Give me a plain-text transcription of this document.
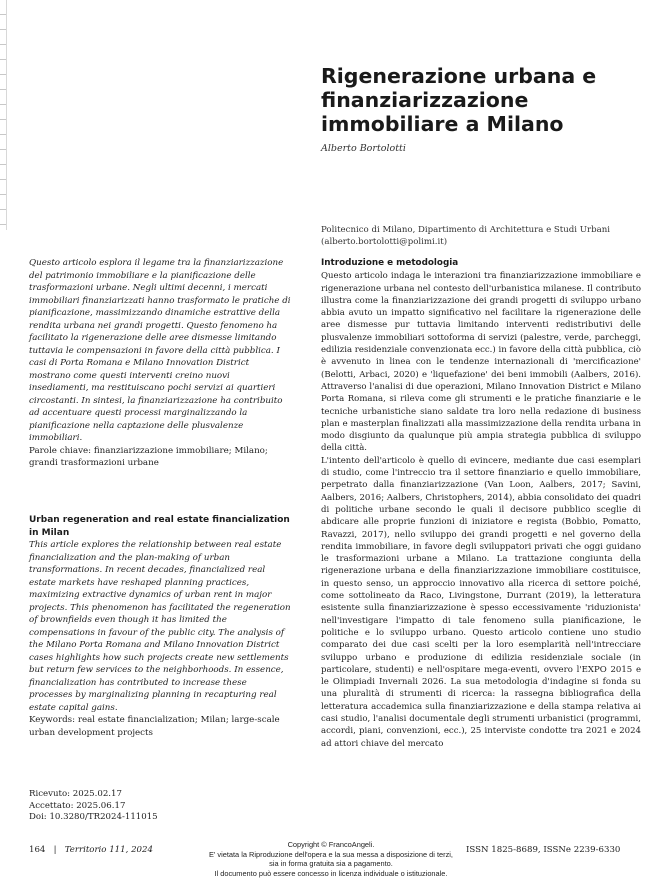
Rigenerazione urbana e finanziarizzazione immobiliare a Milano

Alberto Bortolotti

Politecnico di Milano, Dipartimento di Architettura e Studi Urbani
(alberto.bortolotti@polimi.it)

Questo articolo esplora il legame tra la finanziarizzazione del patrimonio immobiliare e la pianificazione delle trasformazioni urbane. Negli ultimi decenni, i mercati immobiliari finanziarizzati hanno trasformato le pratiche di pianificazione, massimizzando dinamiche estrattive della rendita urbana nei grandi progetti. Questo fenomeno ha facilitato la rigenerazione delle aree dismesse limitando tuttavia le compensazioni in favore della città pubblica. I casi di Porta Romana e Milano Innovation District mostrano come questi interventi creino nuovi insediamenti, ma restituiscano pochi servizi ai quartieri circostanti. In sintesi, la finanziarizzazione ha contribuito ad accentuare questi processi marginalizzando la pianificazione nella captazione delle plusvalenze immobiliari.

Parole chiave: finanziarizzazione immobiliare; Milano; grandi trasformazioni urbane

Urban regeneration and real estate financialization in Milan

This article explores the relationship between real estate financialization and the plan-making of urban transformations. In recent decades, financialized real estate markets have reshaped planning practices, maximizing extractive dynamics of urban rent in major projects. This phenomenon has facilitated the regeneration of brownfields even though it has limited the compensations in favour of the public city. The analysis of the Milano Porta Romana and Milano Innovation District cases highlights how such projects create new settlements but return few services to the neighborhoods. In essence, financialization has contributed to increase these processes by marginalizing planning in recapturing real estate capital gains.

Keywords: real estate financialization; Milan; large-scale urban development projects

Ricevuto: 2025.02.17
Accettato: 2025.06.17
Doi: 10.3280/TR2024-111015

Introduzione e metodologia

Questo articolo indaga le interazioni tra finanziarizzazione immobiliare e rigenerazione urbana nel contesto dell'urbanistica milanese. Il contributo illustra come la finanziarizzazione dei grandi progetti di sviluppo urbano abbia avuto un impatto significativo nel facilitare la rigenerazione delle aree dismesse pur tuttavia limitando interventi redistributivi delle plusvalenze immobiliari sottoforma di servizi (palestre, verde, parcheggi, edilizia residenziale convenzionata ecc.) in favore della città pubblica, ciò è avvenuto in linea con le tendenze internazionali di 'mercificazione' (Belotti, Arbaci, 2020) e 'liquefazione' dei beni immobili (Aalbers, 2016). Attraverso l'analisi di due operazioni, Milano Innovation District e Milano Porta Romana, si rileva come gli strumenti e le pratiche finanziarie e le tecniche urbanistiche siano saldate tra loro nella redazione di business plan e masterplan finalizzati alla massimizzazione della rendita urbana in modo disgiunto da qualunque più ampia strategia pubblica di sviluppo della città.

L'intento dell'articolo è quello di evincere, mediante due casi esemplari di studio, come l'intreccio tra il settore finanziario e quello immobiliare, perpetrato dalla finanziarizzazione (Van Loon, Aalbers, 2017; Savini, Aalbers, 2016; Aalbers, Christophers, 2014), abbia consolidato dei quadri di politiche urbane secondo le quali il decisore pubblico sceglie di abdicare alle proprie funzioni di iniziatore e regista (Bobbio, Pomatto, Ravazzi, 2017), nello sviluppo dei grandi progetti e nel governo della rendita immobiliare, in favore degli sviluppatori privati che oggi guidano le trasformazioni urbane a Milano. La trattazione congiunta della rigenerazione urbana e della finanziarizzazione immobiliare costituisce, in questo senso, un approccio innovativo alla ricerca di settore poiché, come sottolineato da Raco, Livingstone, Durrant (2019), la letteratura esistente sulla finanziarizzazione è spesso eccessivamente 'riduzionista' nell'investigare l'impatto di tale fenomeno sulla pianificazione, le politiche e lo sviluppo urbano. Questo articolo contiene uno studio comparato dei due casi scelti per la loro esemplarità nell'intrecciare sviluppo urbano e produzione di edilizia residenziale sociale (in particolare, studenti) e nell'ospitare mega-eventi, ovvero l'EXPO 2015 e le Olimpiadi Invernali 2026. La sua metodologia d'indagine si fonda su una pluralità di strumenti di ricerca: la rassegna bibliografica della letteratura accademica sulla finanziarizzazione e della stampa relativa ai casi studio, l'analisi documentale degli strumenti urbanistici (programmi, accordi, piani, convenzioni, ecc.), 25 interviste condotte tra 2021 e 2024 ad attori chiave del mercato

164   |   Territorio 111, 2024
Copyright © FrancoAngeli.
E' vietata la Riproduzione dell'opera e la sua messa a disposizione di terzi,
sia in forma gratuita sia a pagamento.
Il documento può essere concesso in licenza individuale o istituzionale.
ISSN 1825-8689, ISSNe 2239-6330
